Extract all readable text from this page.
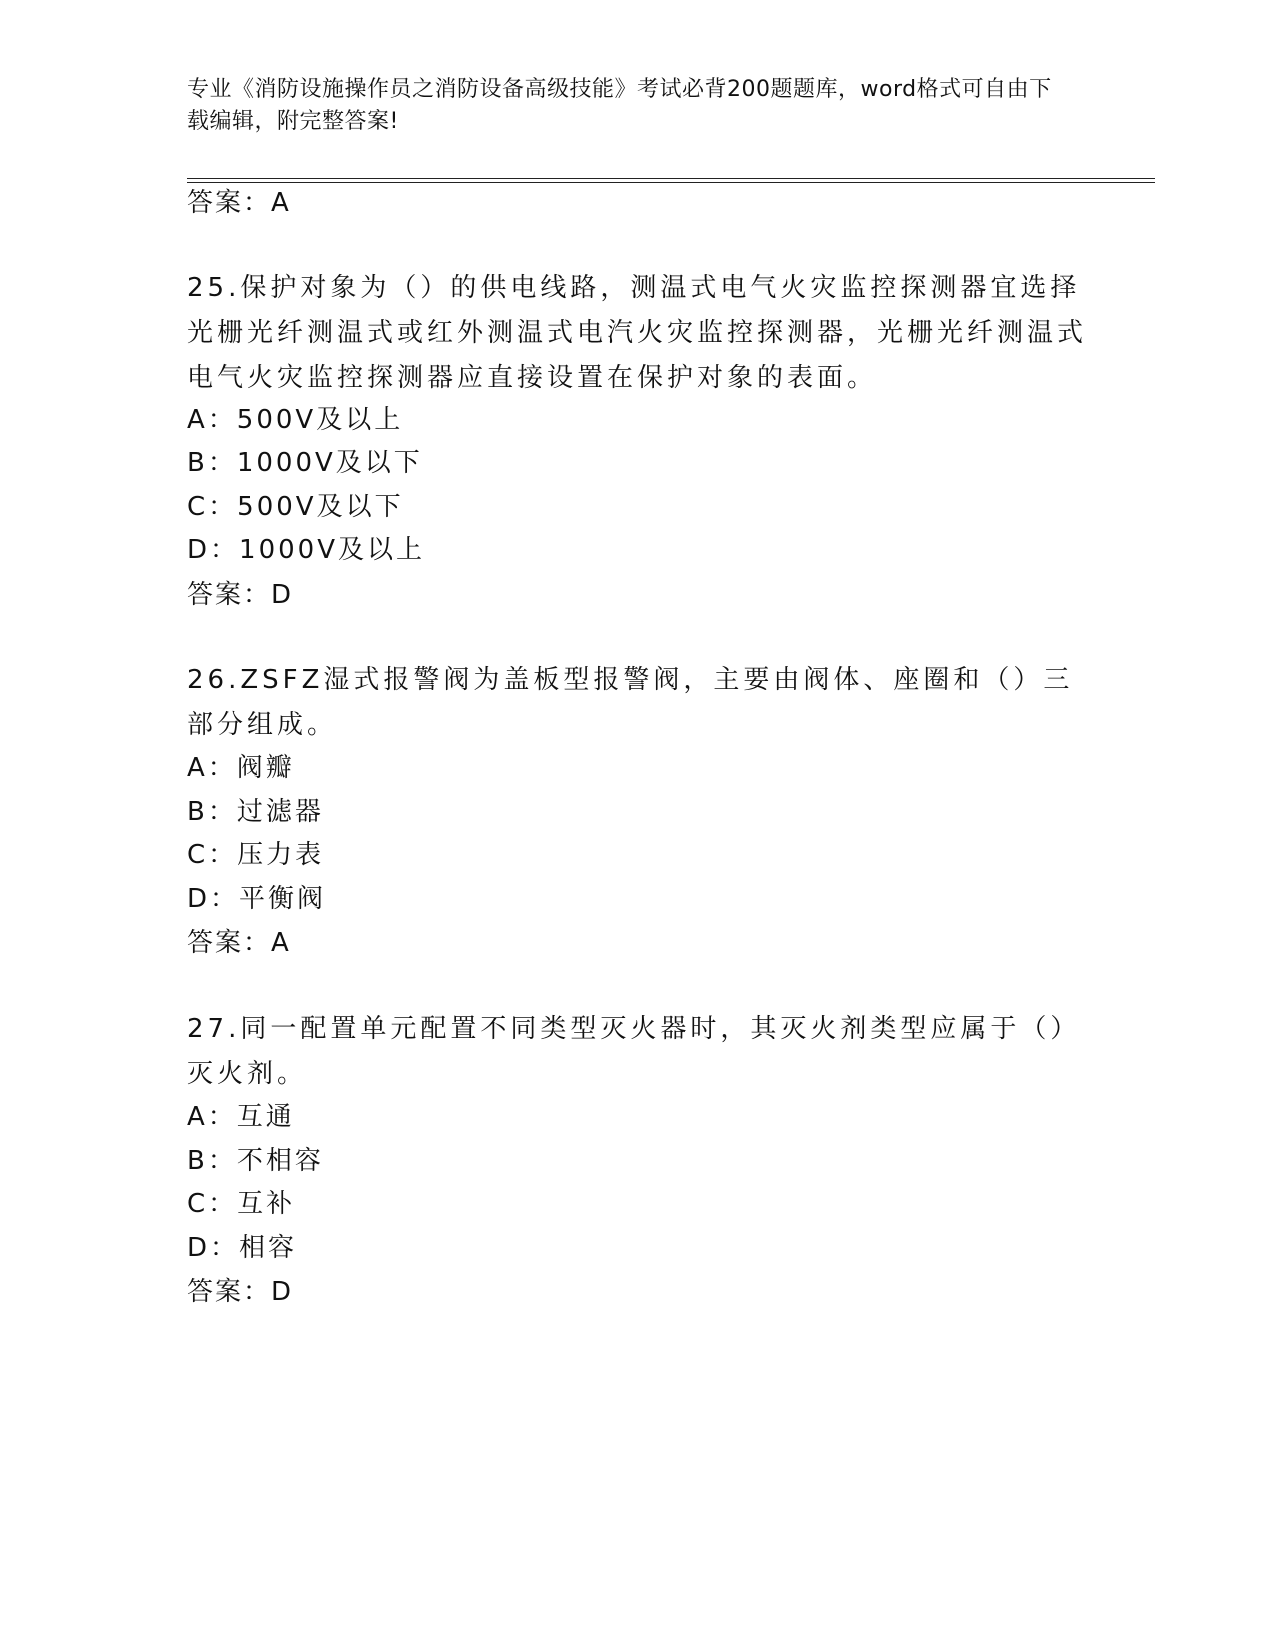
专业《消防设施操作员之消防设备高级技能》考试必背200题题库，word格式可自由下载编辑，附完整答案!
答案：A
25.保护对象为（）的供电线路，测温式电气火灾监控探测器宜选择光栅光纤测温式或红外测温式电汽火灾监控探测器，光栅光纤测温式电气火灾监控探测器应直接设置在保护对象的表面。
A：500V及以上
B：1000V及以下
C：500V及以下
D：1000V及以上
答案：D
26.ZSFZ湿式报警阀为盖板型报警阀，主要由阀体、座圈和（）三部分组成。
A：阀瓣
B：过滤器
C：压力表
D：平衡阀
答案：A
27.同一配置单元配置不同类型灭火器时，其灭火剂类型应属于（）灭火剂。
A：互通
B：不相容
C：互补
D：相容
答案：D
